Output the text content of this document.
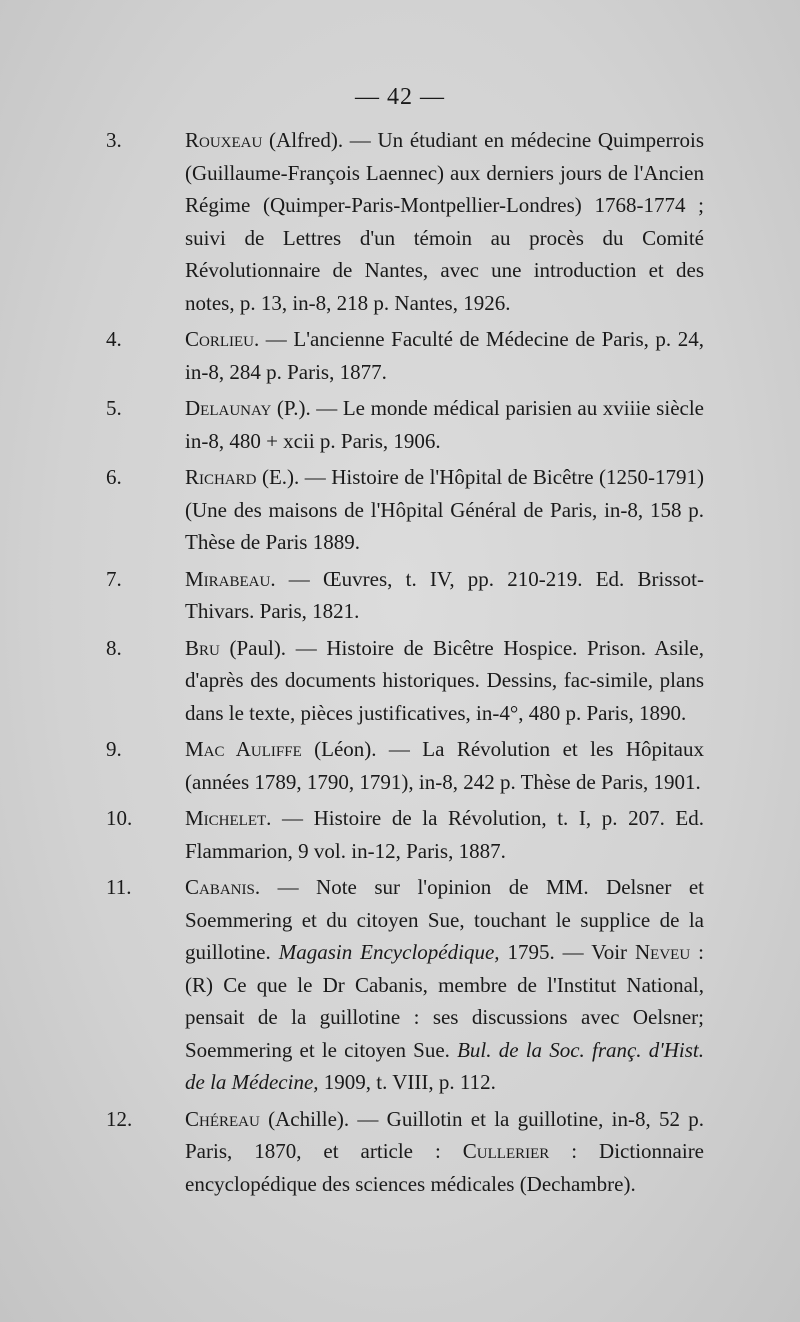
— 42 —
3.	Rouxeau (Alfred). — Un étudiant en médecine Quimperrois (Guillaume-François Laennec) aux derniers jours de l'Ancien Régime (Quimper-Paris-Montpellier-Londres) 1768-1774 ; suivi de Lettres d'un témoin au procès du Comité Révolutionnaire de Nantes, avec une introduction et des notes, p. 13, in-8, 218 p. Nantes, 1926.
4.	Corlieu. — L'ancienne Faculté de Médecine de Paris, p. 24, in-8, 284 p. Paris, 1877.
5.	Delaunay (P.). — Le monde médical parisien au xviiie siècle in-8, 480 + xcii p. Paris, 1906.
6.	Richard (E.). — Histoire de l'Hôpital de Bicêtre (1250-1791) (Une des maisons de l'Hôpital Général de Paris, in-8, 158 p. Thèse de Paris 1889.
7.	Mirabeau. — Œuvres, t. IV, pp. 210-219. Ed. Brissot-Thivars. Paris, 1821.
8.	Bru (Paul). — Histoire de Bicêtre Hospice. Prison. Asile, d'après des documents historiques. Dessins, fac-simile, plans dans le texte, pièces justificatives, in-4°, 480 p. Paris, 1890.
9.	Mac Auliffe (Léon). — La Révolution et les Hôpitaux (années 1789, 1790, 1791), in-8, 242 p. Thèse de Paris, 1901.
10.	Michelet. — Histoire de la Révolution, t. I, p. 207. Ed. Flammarion, 9 vol. in-12, Paris, 1887.
11.	Cabanis. — Note sur l'opinion de MM. Delsner et Soemmering et du citoyen Sue, touchant le supplice de la guillotine. Magasin Encyclopédique, 1795. — Voir Neveu : (R) Ce que le Dr Cabanis, membre de l'Institut National, pensait de la guillotine : ses discussions avec Oelsner; Soemmering et le citoyen Sue. Bul. de la Soc. franç. d'Hist. de la Médecine, 1909, t. VIII, p. 112.
12.	Chéreau (Achille). — Guillotin et la guillotine, in-8, 52 p. Paris, 1870, et article : Cullerier : Dictionnaire encyclopédique des sciences médicales (Dechambre).
